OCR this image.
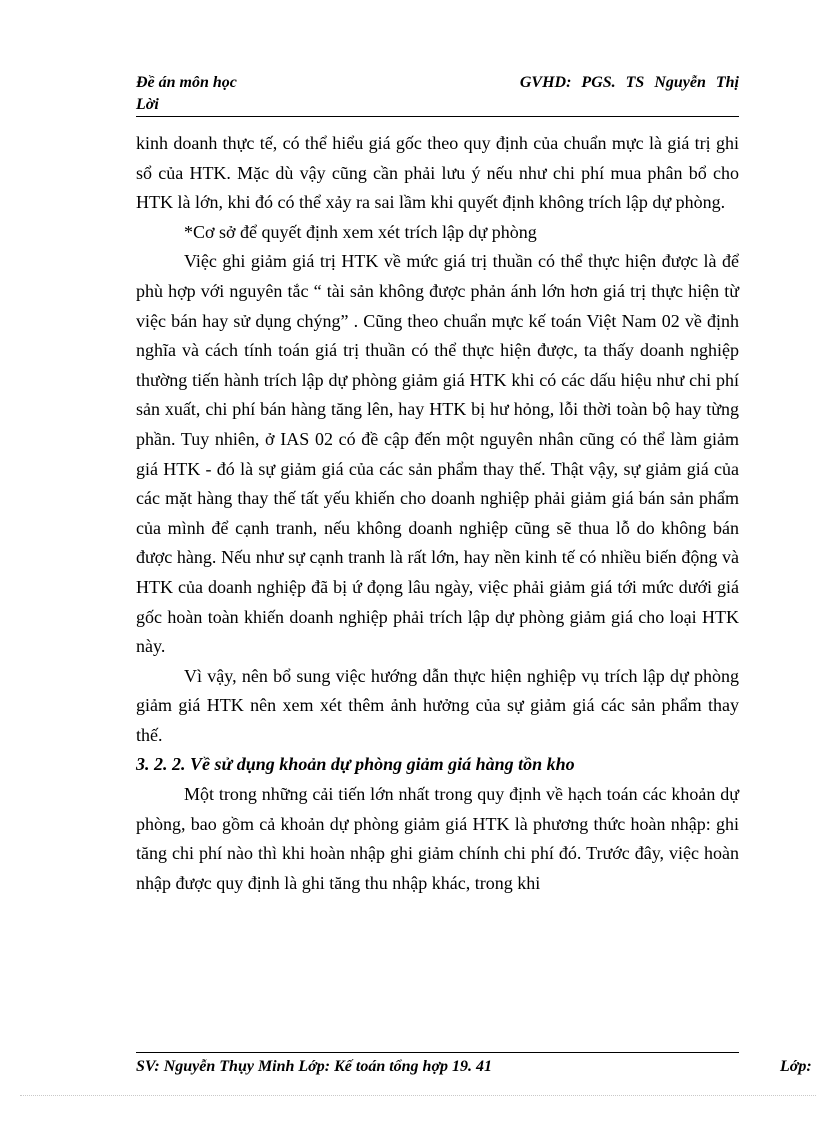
Đề án môn học
Lời
GVHD: PGS. TS Nguyễn Thị

kinh doanh thực tế, có thể hiểu giá gốc theo quy định của chuẩn mực là giá trị ghi sổ của HTK. Mặc dù vậy cũng cần phải lưu ý nếu như chi phí mua phân bổ cho HTK là lớn, khi đó có thể xảy ra sai lầm khi quyết định không trích lập dự phòng.

*Cơ sở để quyết định xem xét trích lập dự phòng

Việc ghi giảm giá trị HTK về mức giá trị thuần có thể thực hiện được là để phù hợp với nguyên tắc “ tài sản không được phản ánh lớn hơn giá trị thực hiện từ việc bán hay sử dụng chýng” . Cũng theo chuẩn mực kế toán Việt Nam 02 về định nghĩa và cách tính toán giá trị thuần có thể thực hiện được, ta thấy doanh nghiệp thường tiến hành trích lập dự phòng giảm giá HTK khi có các dấu hiệu như chi phí sản xuất, chi phí bán hàng tăng lên, hay HTK bị hư hỏng, lỗi thời toàn bộ hay từng phần. Tuy nhiên, ở IAS 02 có đề cập đến một nguyên nhân cũng có thể làm giảm giá HTK - đó là sự giảm giá của các sản phẩm thay thế. Thật vậy, sự giảm giá của các mặt hàng thay thế tất yếu khiến cho doanh nghiệp phải giảm giá bán sản phẩm của mình để cạnh tranh, nếu không doanh nghiệp cũng sẽ thua lỗ do không bán được hàng. Nếu như sự cạnh tranh là rất lớn, hay nền kinh tế có nhiều biến động và HTK của doanh nghiệp đã bị ứ đọng lâu ngày, việc phải giảm giá tới mức dưới giá gốc hoàn toàn khiến doanh nghiệp phải trích lập dự phòng giảm giá cho loại HTK này.

Vì vậy, nên bổ sung việc hướng dẫn thực hiện nghiệp vụ trích lập dự phòng giảm giá HTK nên xem xét thêm ảnh hưởng của sự giảm giá các sản phẩm thay thế.

3. 2. 2. Về sử dụng khoản dự phòng giảm giá hàng tồn kho

Một trong những cải tiến lớn nhất trong quy định về hạch toán các khoản dự phòng, bao gồm cả khoản dự phòng giảm giá HTK là phương thức hoàn nhập: ghi tăng chi phí nào thì khi hoàn nhập ghi giảm chính chi phí đó. Trước đây, việc hoàn nhập được quy định là ghi tăng thu nhập khác, trong khi

SV: Nguyễn Thụy Minh Lớp: Kế toán tổng hợp 19. 41	Lớp:
